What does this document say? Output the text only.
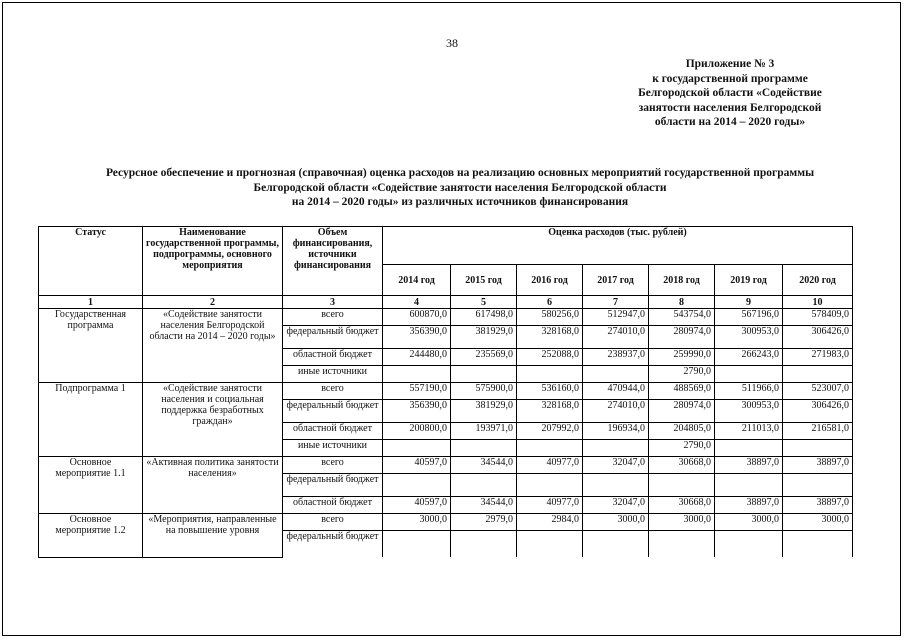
38
Приложение № 3
к государственной программе
Белгородской области «Содействие
занятости населения Белгородской
области на 2014 – 2020 годы»
Ресурсное обеспечение и прогнозная (справочная) оценка расходов на реализацию основных мероприятий государственной программы
Белгородской области «Содействие занятости населения Белгородской области
на 2014 – 2020 годы» из различных источников финансирования
Статус	Наименование государственной программы, подпрограммы, основного мероприятия	Объем финансирования, источники финансирования	Оценка расходов (тыс. рублей)						
			2014 год	2015 год	2016 год	2017 год	2018 год	2019 год	2020 год
1	2	3	4	5	6	7	8	9	10
Государственная программа	«Содействие занятости населения Белгородской области на 2014 – 2020 годы»	всего	600870,0	617498,0	580256,0	512947,0	543754,0	567196,0	578409,0
		федеральный бюджет	356390,0	381929,0	328168,0	274010,0	280974,0	300953,0	306426,0
		областной бюджет	244480,0	235569,0	252088,0	238937,0	259990,0	266243,0	271983,0
		иные источники					2790,0		
Подпрограмма 1	«Содействие занятости населения и социальная поддержка безработных граждан»	всего	557190,0	575900,0	536160,0	470944,0	488569,0	511966,0	523007,0
		федеральный бюджет	356390,0	381929,0	328168,0	274010,0	280974,0	300953,0	306426,0
		областной бюджет	200800,0	193971,0	207992,0	196934,0	204805,0	211013,0	216581,0
		иные источники					2790,0		
Основное мероприятие 1.1	«Активная политика занятости населения»	всего	40597,0	34544,0	40977,0	32047,0	30668,0	38897,0	38897,0
		федеральный бюджет							
		областной бюджет	40597,0	34544,0	40977,0	32047,0	30668,0	38897,0	38897,0
Основное мероприятие 1.2	«Мероприятия, направленные на повышение уровня	всего	3000,0	2979,0	2984,0	3000,0	3000,0	3000,0	3000,0
		федеральный бюджет							
